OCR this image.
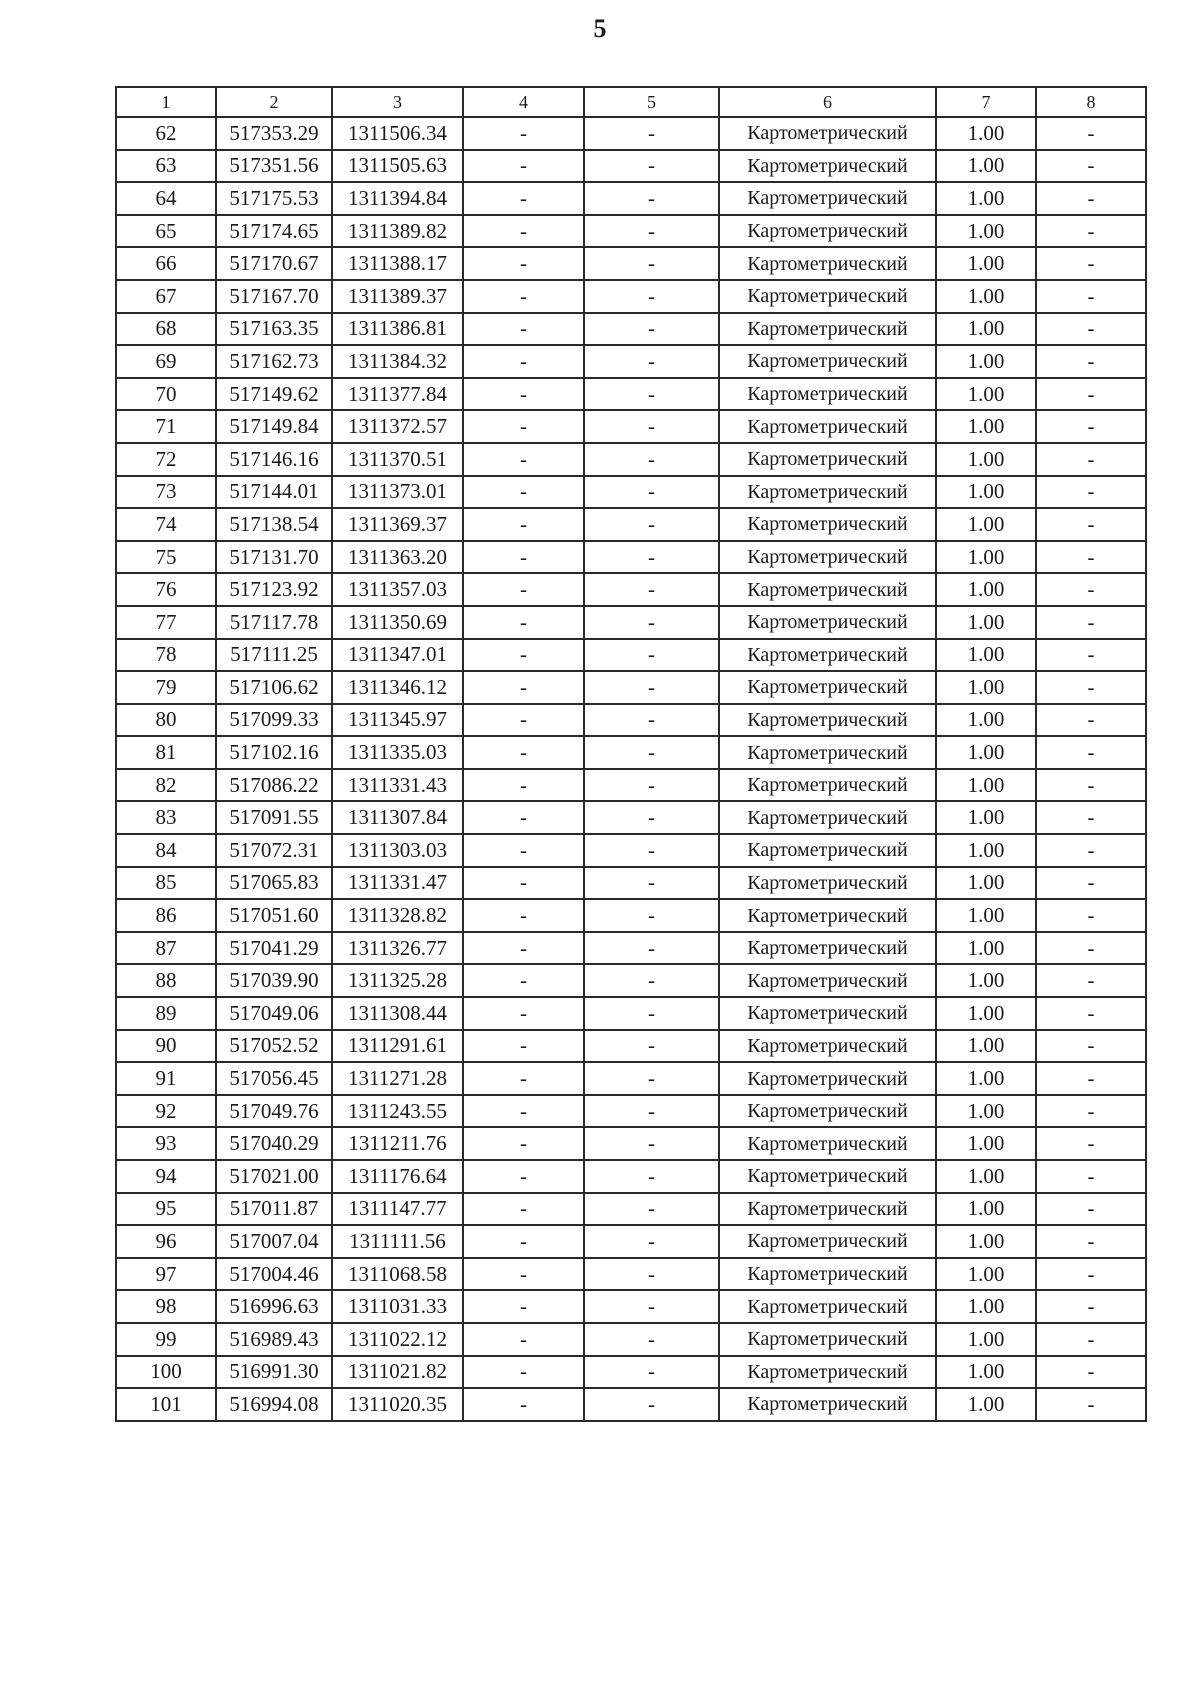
5
1	2	3	4	5	6	7	8
62	517353.29	1311506.34	-	-	Картометрический	1.00	-
63	517351.56	1311505.63	-	-	Картометрический	1.00	-
64	517175.53	1311394.84	-	-	Картометрический	1.00	-
65	517174.65	1311389.82	-	-	Картометрический	1.00	-
66	517170.67	1311388.17	-	-	Картометрический	1.00	-
67	517167.70	1311389.37	-	-	Картометрический	1.00	-
68	517163.35	1311386.81	-	-	Картометрический	1.00	-
69	517162.73	1311384.32	-	-	Картометрический	1.00	-
70	517149.62	1311377.84	-	-	Картометрический	1.00	-
71	517149.84	1311372.57	-	-	Картометрический	1.00	-
72	517146.16	1311370.51	-	-	Картометрический	1.00	-
73	517144.01	1311373.01	-	-	Картометрический	1.00	-
74	517138.54	1311369.37	-	-	Картометрический	1.00	-
75	517131.70	1311363.20	-	-	Картометрический	1.00	-
76	517123.92	1311357.03	-	-	Картометрический	1.00	-
77	517117.78	1311350.69	-	-	Картометрический	1.00	-
78	517111.25	1311347.01	-	-	Картометрический	1.00	-
79	517106.62	1311346.12	-	-	Картометрический	1.00	-
80	517099.33	1311345.97	-	-	Картометрический	1.00	-
81	517102.16	1311335.03	-	-	Картометрический	1.00	-
82	517086.22	1311331.43	-	-	Картометрический	1.00	-
83	517091.55	1311307.84	-	-	Картометрический	1.00	-
84	517072.31	1311303.03	-	-	Картометрический	1.00	-
85	517065.83	1311331.47	-	-	Картометрический	1.00	-
86	517051.60	1311328.82	-	-	Картометрический	1.00	-
87	517041.29	1311326.77	-	-	Картометрический	1.00	-
88	517039.90	1311325.28	-	-	Картометрический	1.00	-
89	517049.06	1311308.44	-	-	Картометрический	1.00	-
90	517052.52	1311291.61	-	-	Картометрический	1.00	-
91	517056.45	1311271.28	-	-	Картометрический	1.00	-
92	517049.76	1311243.55	-	-	Картометрический	1.00	-
93	517040.29	1311211.76	-	-	Картометрический	1.00	-
94	517021.00	1311176.64	-	-	Картометрический	1.00	-
95	517011.87	1311147.77	-	-	Картометрический	1.00	-
96	517007.04	1311111.56	-	-	Картометрический	1.00	-
97	517004.46	1311068.58	-	-	Картометрический	1.00	-
98	516996.63	1311031.33	-	-	Картометрический	1.00	-
99	516989.43	1311022.12	-	-	Картометрический	1.00	-
100	516991.30	1311021.82	-	-	Картометрический	1.00	-
101	516994.08	1311020.35	-	-	Картометрический	1.00	-
